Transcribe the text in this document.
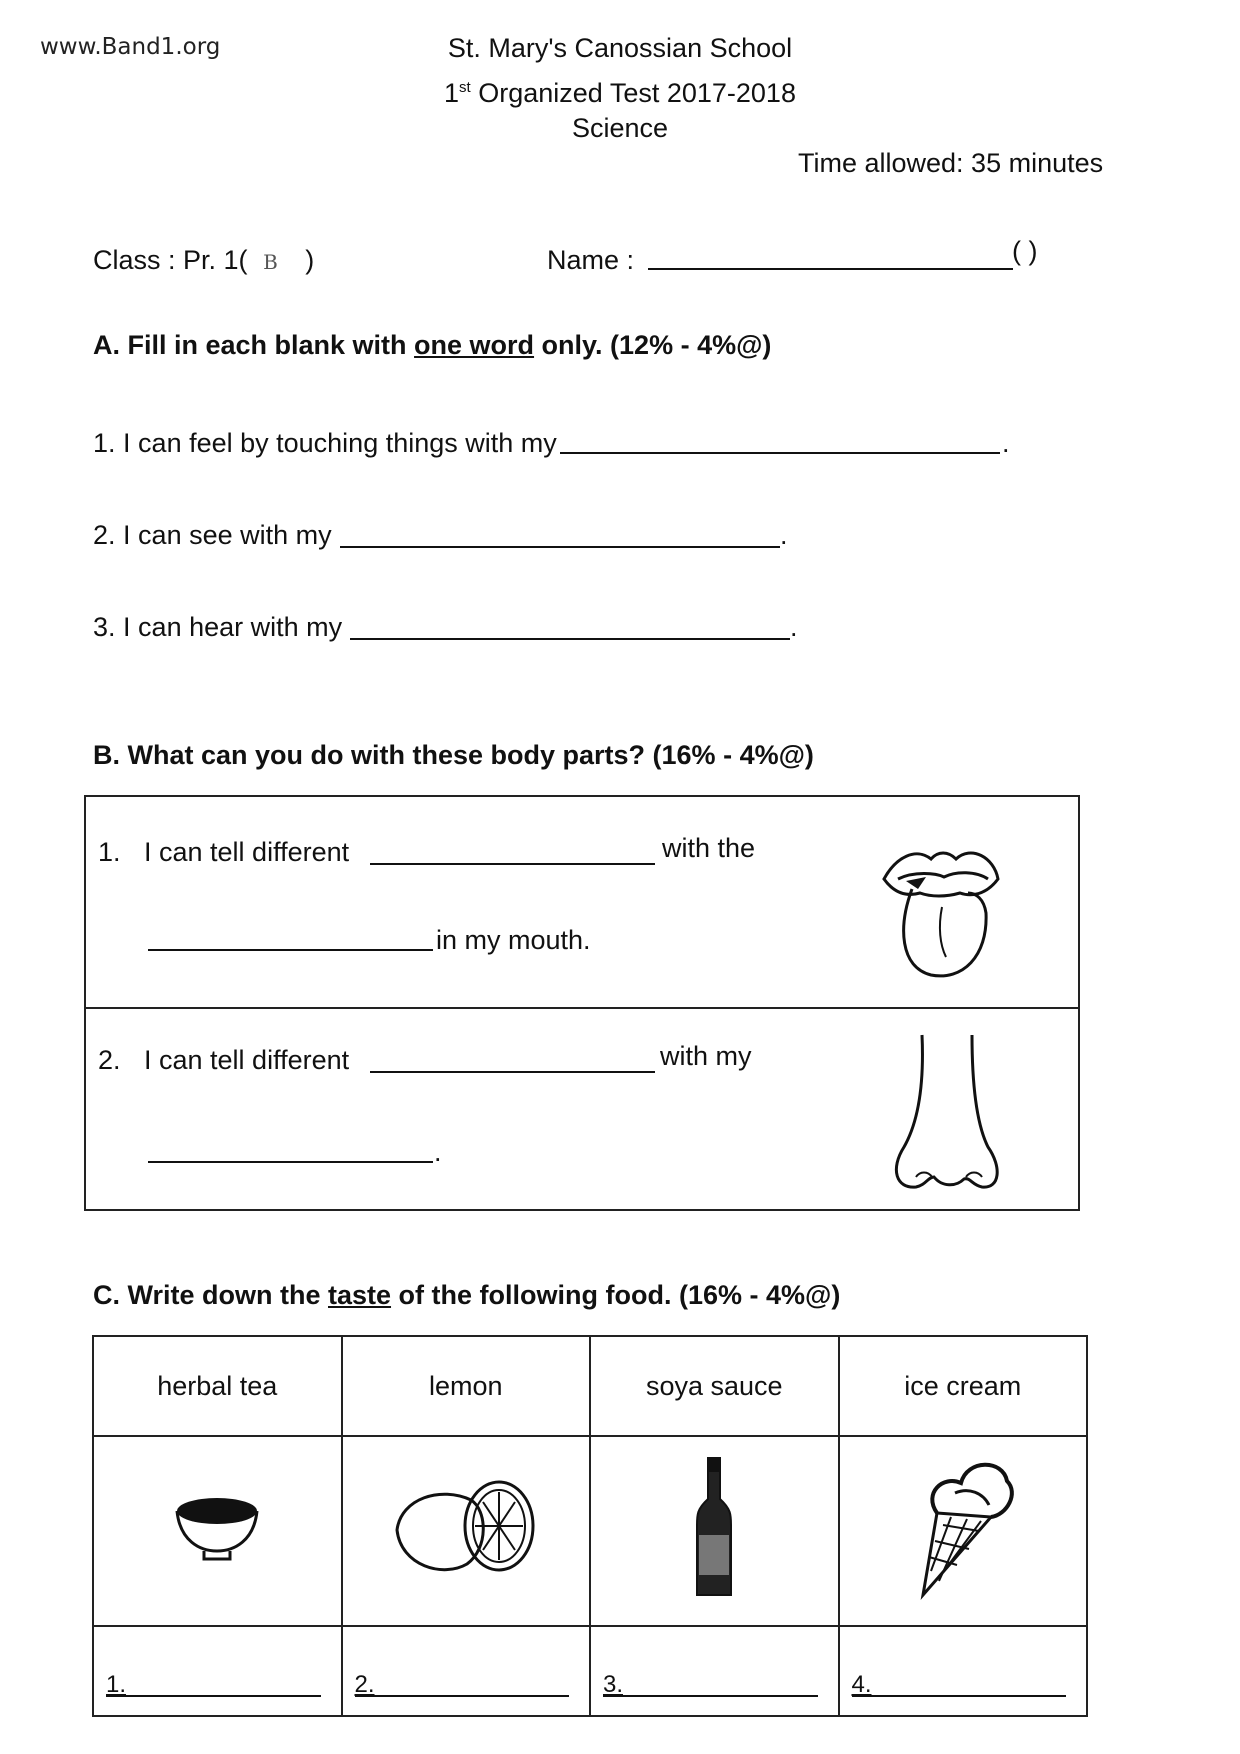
www.Band1.org	St. Mary's Canossian School
1st Organized Test 2017-2018
Science
Time allowed: 35 minutes
Class : Pr. 1( B )	Name :	( )
A. Fill in each blank with one word only. (12% - 4%@)
1. I can feel by touching things with my	.
2. I can see with my	.
3. I can hear with my	.
B. What can you do with these body parts? (16% - 4%@)
1. I can tell different	with the
in my mouth.

2. I can tell different	with my
.
C. Write down the taste of the following food. (16% - 4%@)
herbal tea	lemon	soya sauce	ice cream

1.	2.	3.	4.
